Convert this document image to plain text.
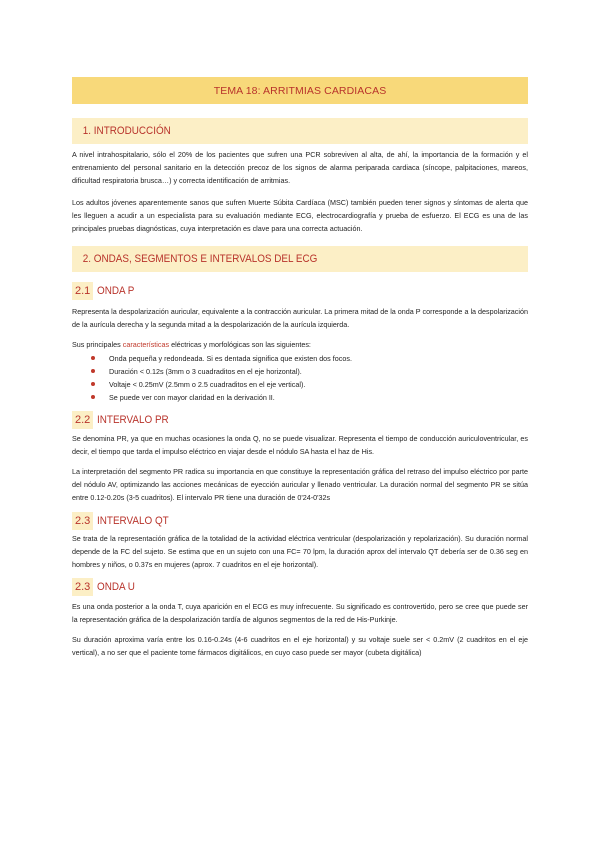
TEMA 18: ARRITMIAS CARDIACAS
1. INTRODUCCIÓN

A nivel intrahospitalario, sólo el 20% de los pacientes que sufren una PCR sobreviven al alta, de ahí, la importancia de la formación y el entrenamiento del personal sanitario en la detección precoz de los signos de alarma periparada cardiaca (síncope, palpitaciones, mareos, dificultad respiratoria brusca…) y correcta identificación de arritmias.

Los adultos jóvenes aparentemente sanos que sufren Muerte Súbita Cardíaca (MSC) también pueden tener signos y síntomas de alerta que les lleguen a acudir a un especialista para su evaluación mediante ECG, electrocardiografía y prueba de esfuerzo. El ECG es una de las principales pruebas diagnósticas, cuya interpretación es clave para una correcta actuación.

2. ONDAS, SEGMENTOS E INTERVALOS DEL ECG
2.1 ONDA P

Representa la despolarización auricular, equivalente a la contracción auricular. La primera mitad de la onda P corresponde a la despolarización de la aurícula derecha y la segunda mitad a la despolarización de la aurícula izquierda.

Sus principales características eléctricas y morfológicas son las siguientes:

Onda pequeña y redondeada. Si es dentada significa que existen dos focos.
Duración < 0.12s (3mm o 3 cuadraditos en el eje horizontal).
Voltaje < 0.25mV (2.5mm o 2.5 cuadraditos en el eje vertical).
Se puede ver con mayor claridad en la derivación II.
2.2 INTERVALO PR

Se denomina PR, ya que en muchas ocasiones la onda Q, no se puede visualizar. Representa el tiempo de conducción auriculoventricular, es decir, el tiempo que tarda el impulso eléctrico en viajar desde el nódulo SA hasta el haz de His.

La interpretación del segmento PR radica su importancia en que constituye la representación gráfica del retraso del impulso eléctrico por parte del nódulo AV, optimizando las acciones mecánicas de eyección auricular y llenado ventricular. La duración normal del segmento PR se sitúa entre 0.12-0.20s (3-5 cuadritos). El intervalo PR tiene una duración de 0'24-0'32s

2.3 INTERVALO QT

Se trata de la representación gráfica de la totalidad de la actividad eléctrica ventricular (despolarización y repolarización). Su duración normal depende de la FC del sujeto. Se estima que en un sujeto con una FC= 70 lpm, la duración aprox del intervalo QT debería ser de 0.36 seg en hombres y niños, o 0.37s en mujeres (aprox. 7 cuadritos en el eje horizontal).

2.3 ONDA U

Es una onda posterior a la onda T, cuya aparición en el ECG es muy infrecuente. Su significado es controvertido, pero se cree que puede ser la representación gráfica de la despolarización tardía de algunos segmentos de la red de His-Purkinje.

Su duración aproxima varía entre los 0.16-0.24s (4-6 cuadritos en el eje horizontal) y su voltaje suele ser < 0.2mV (2 cuadritos en el eje vertical), a no ser que el paciente tome fármacos digitálicos, en cuyo caso puede ser mayor (cubeta digitálica)
